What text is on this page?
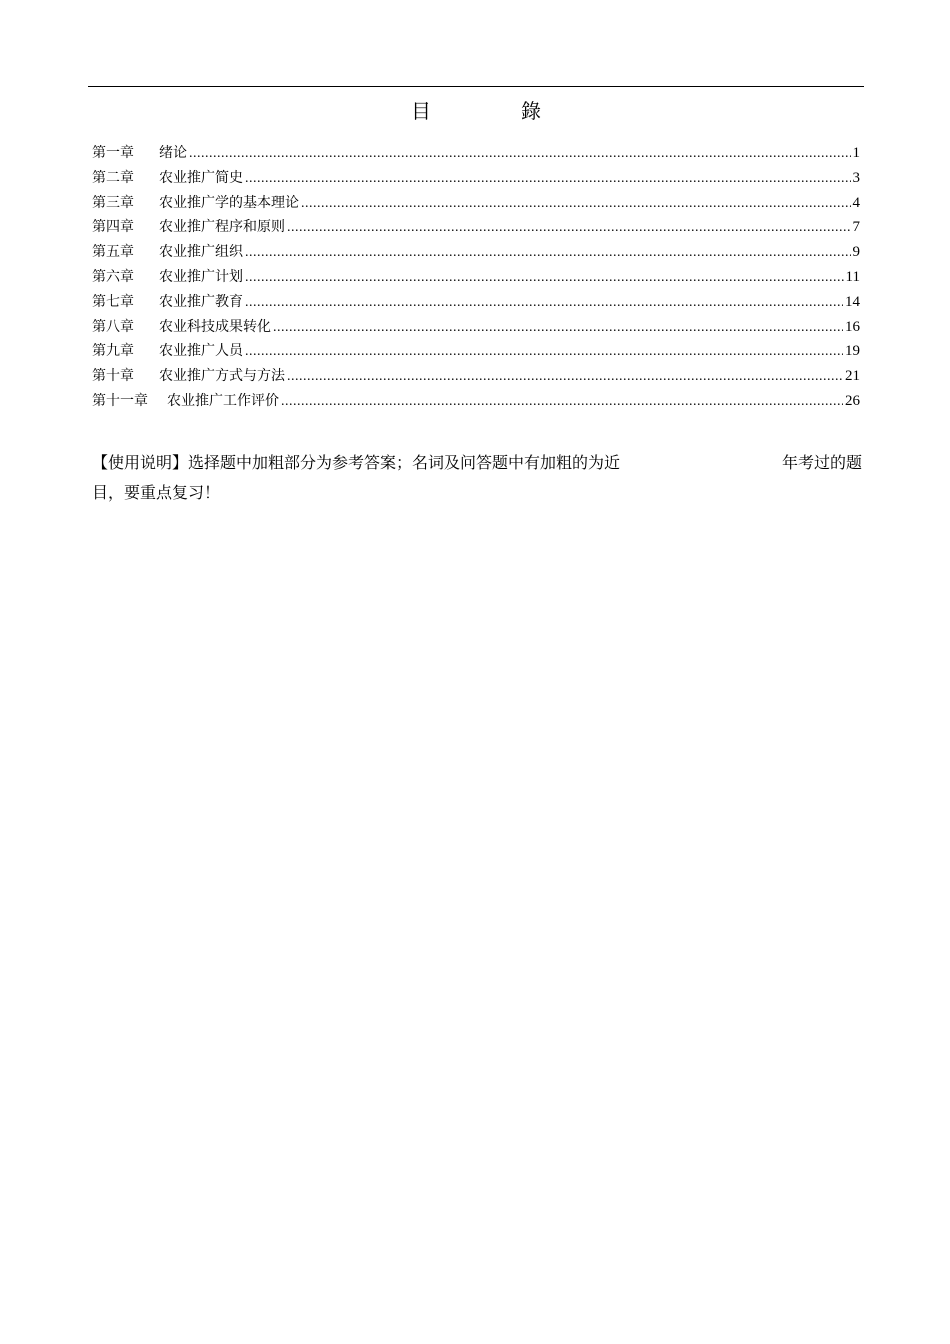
目	錄
第一章	绪论 .....	1
第二章	农业推广简史 .....	3
第三章	农业推广学的基本理论 .....	4
第四章	农业推广程序和原则 .....	7
第五章	农业推广组织 .....	9
第六章	农业推广计划 .....	11
第七章	农业推广教育 .....	14
第八章	农业科技成果转化 .....	16
第九章	农业推广人员 .....	19
第十章	农业推广方式与方法 .....	21
第十一章	农业推广工作评价 .....	26
【使用说明】选择题中加粗部分为参考答案；名词及问答题中有加粗的为近	年考过的题
目，要重点复习！
